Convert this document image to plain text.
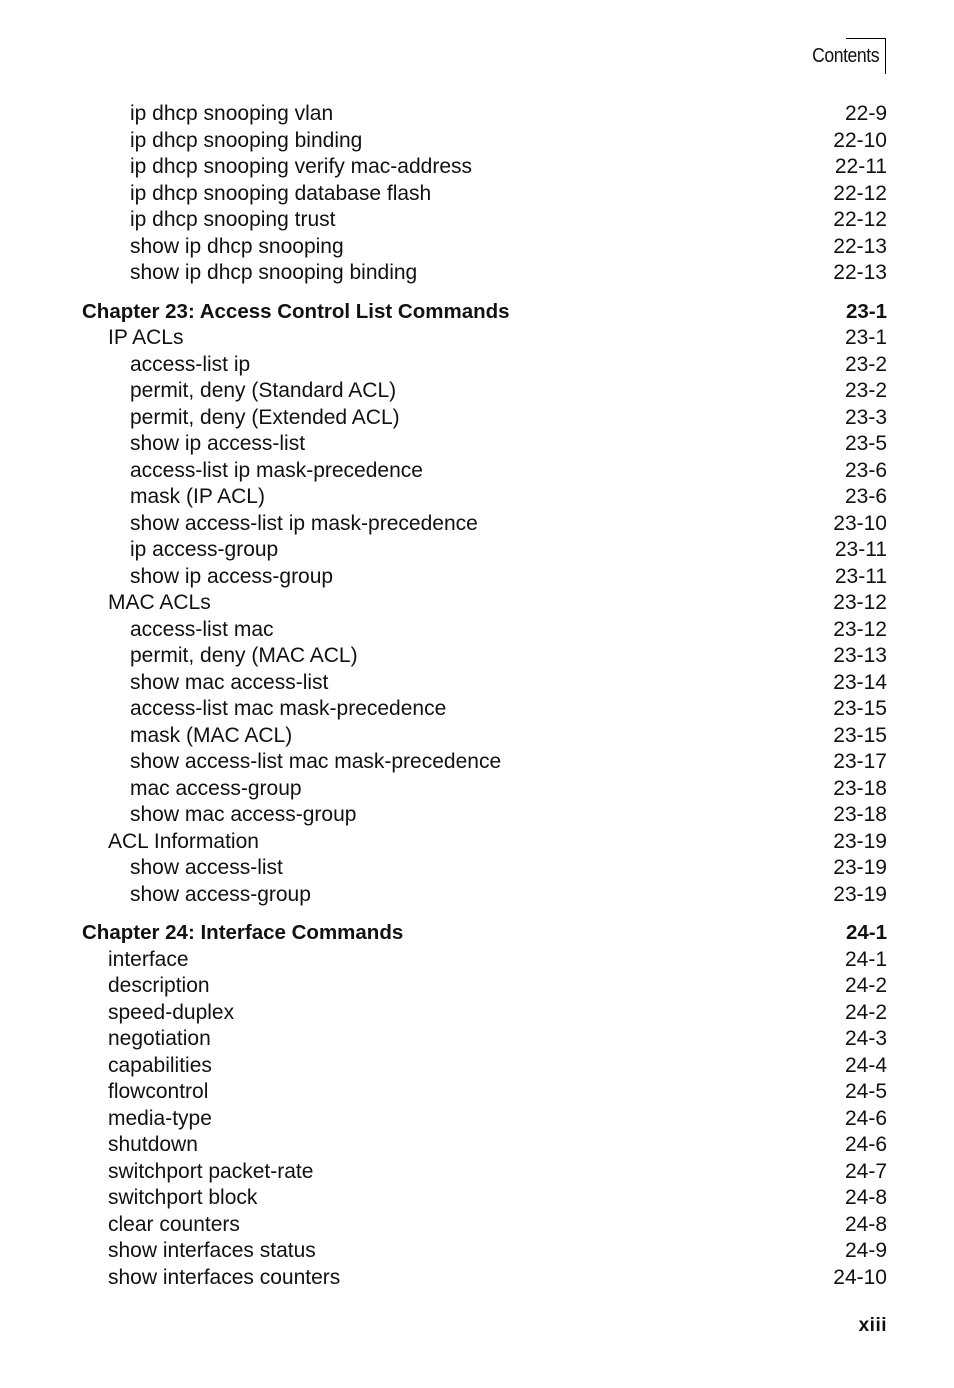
Contents
ip dhcp snooping vlan	22-9
ip dhcp snooping binding	22-10
ip dhcp snooping verify mac-address	22-11
ip dhcp snooping database flash	22-12
ip dhcp snooping trust	22-12
show ip dhcp snooping	22-13
show ip dhcp snooping binding	22-13
Chapter 23: Access Control List Commands	23-1
IP ACLs	23-1
access-list ip	23-2
permit, deny (Standard ACL)	23-2
permit, deny (Extended ACL)	23-3
show ip access-list	23-5
access-list ip mask-precedence	23-6
mask (IP ACL)	23-6
show access-list ip mask-precedence	23-10
ip access-group	23-11
show ip access-group	23-11
MAC ACLs	23-12
access-list mac	23-12
permit, deny (MAC ACL)	23-13
show mac access-list	23-14
access-list mac mask-precedence	23-15
mask (MAC ACL)	23-15
show access-list mac mask-precedence	23-17
mac access-group	23-18
show mac access-group	23-18
ACL Information	23-19
show access-list	23-19
show access-group	23-19
Chapter 24: Interface Commands	24-1
interface	24-1
description	24-2
speed-duplex	24-2
negotiation	24-3
capabilities	24-4
flowcontrol	24-5
media-type	24-6
shutdown	24-6
switchport packet-rate	24-7
switchport block	24-8
clear counters	24-8
show interfaces status	24-9
show interfaces counters	24-10
xiii
